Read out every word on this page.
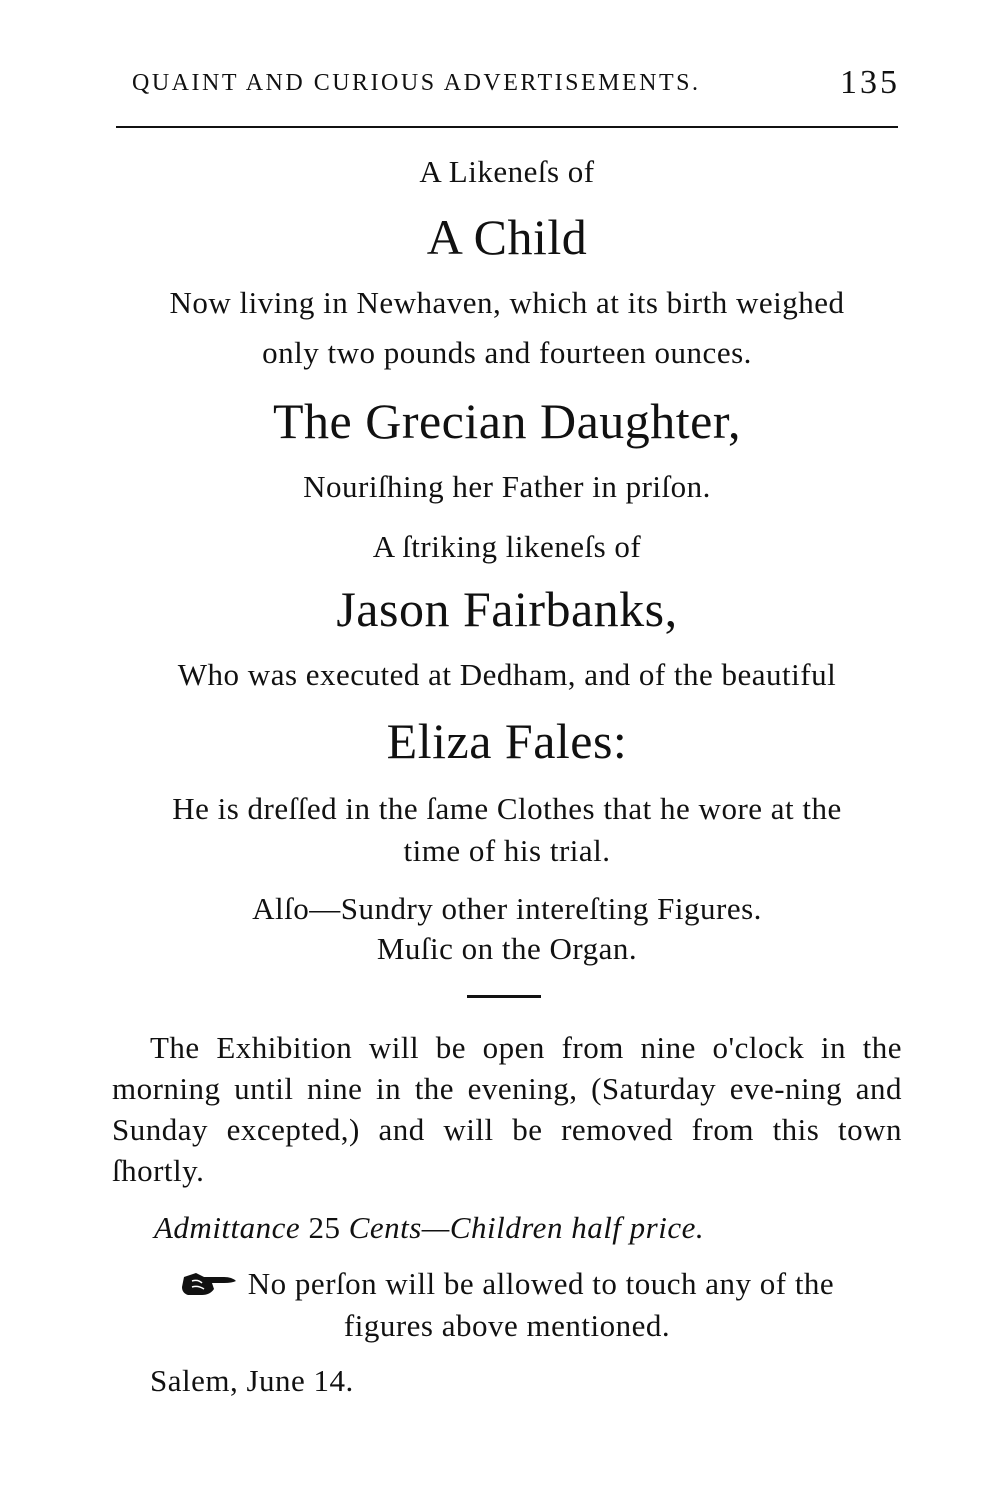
QUAINT AND CURIOUS ADVERTISEMENTS.	135
A Likeneſs of
A Child
Now living in Newhaven, which at its birth weighed
only two pounds and fourteen ounces.
The Grecian Daughter,
Nouriſhing her Father in priſon.
A ſtriking likeneſs of
Jason Fairbanks,
Who was executed at Dedham, and of the beautiful
Eliza Fales:
He is dreſſed in the ſame Clothes that he wore at the
time of his trial.
Alſo—Sundry other intereſting Figures.
Muſic on the Organ.
The Exhibition will be open from nine o'clock in the morning until nine in the evening, (Saturday eve-ning and Sunday excepted,) and will be removed from this town ſhortly.
Admittance 25 Cents—Children half price.
No perſon will be allowed to touch any of the
figures above mentioned.
Salem, June 14.
